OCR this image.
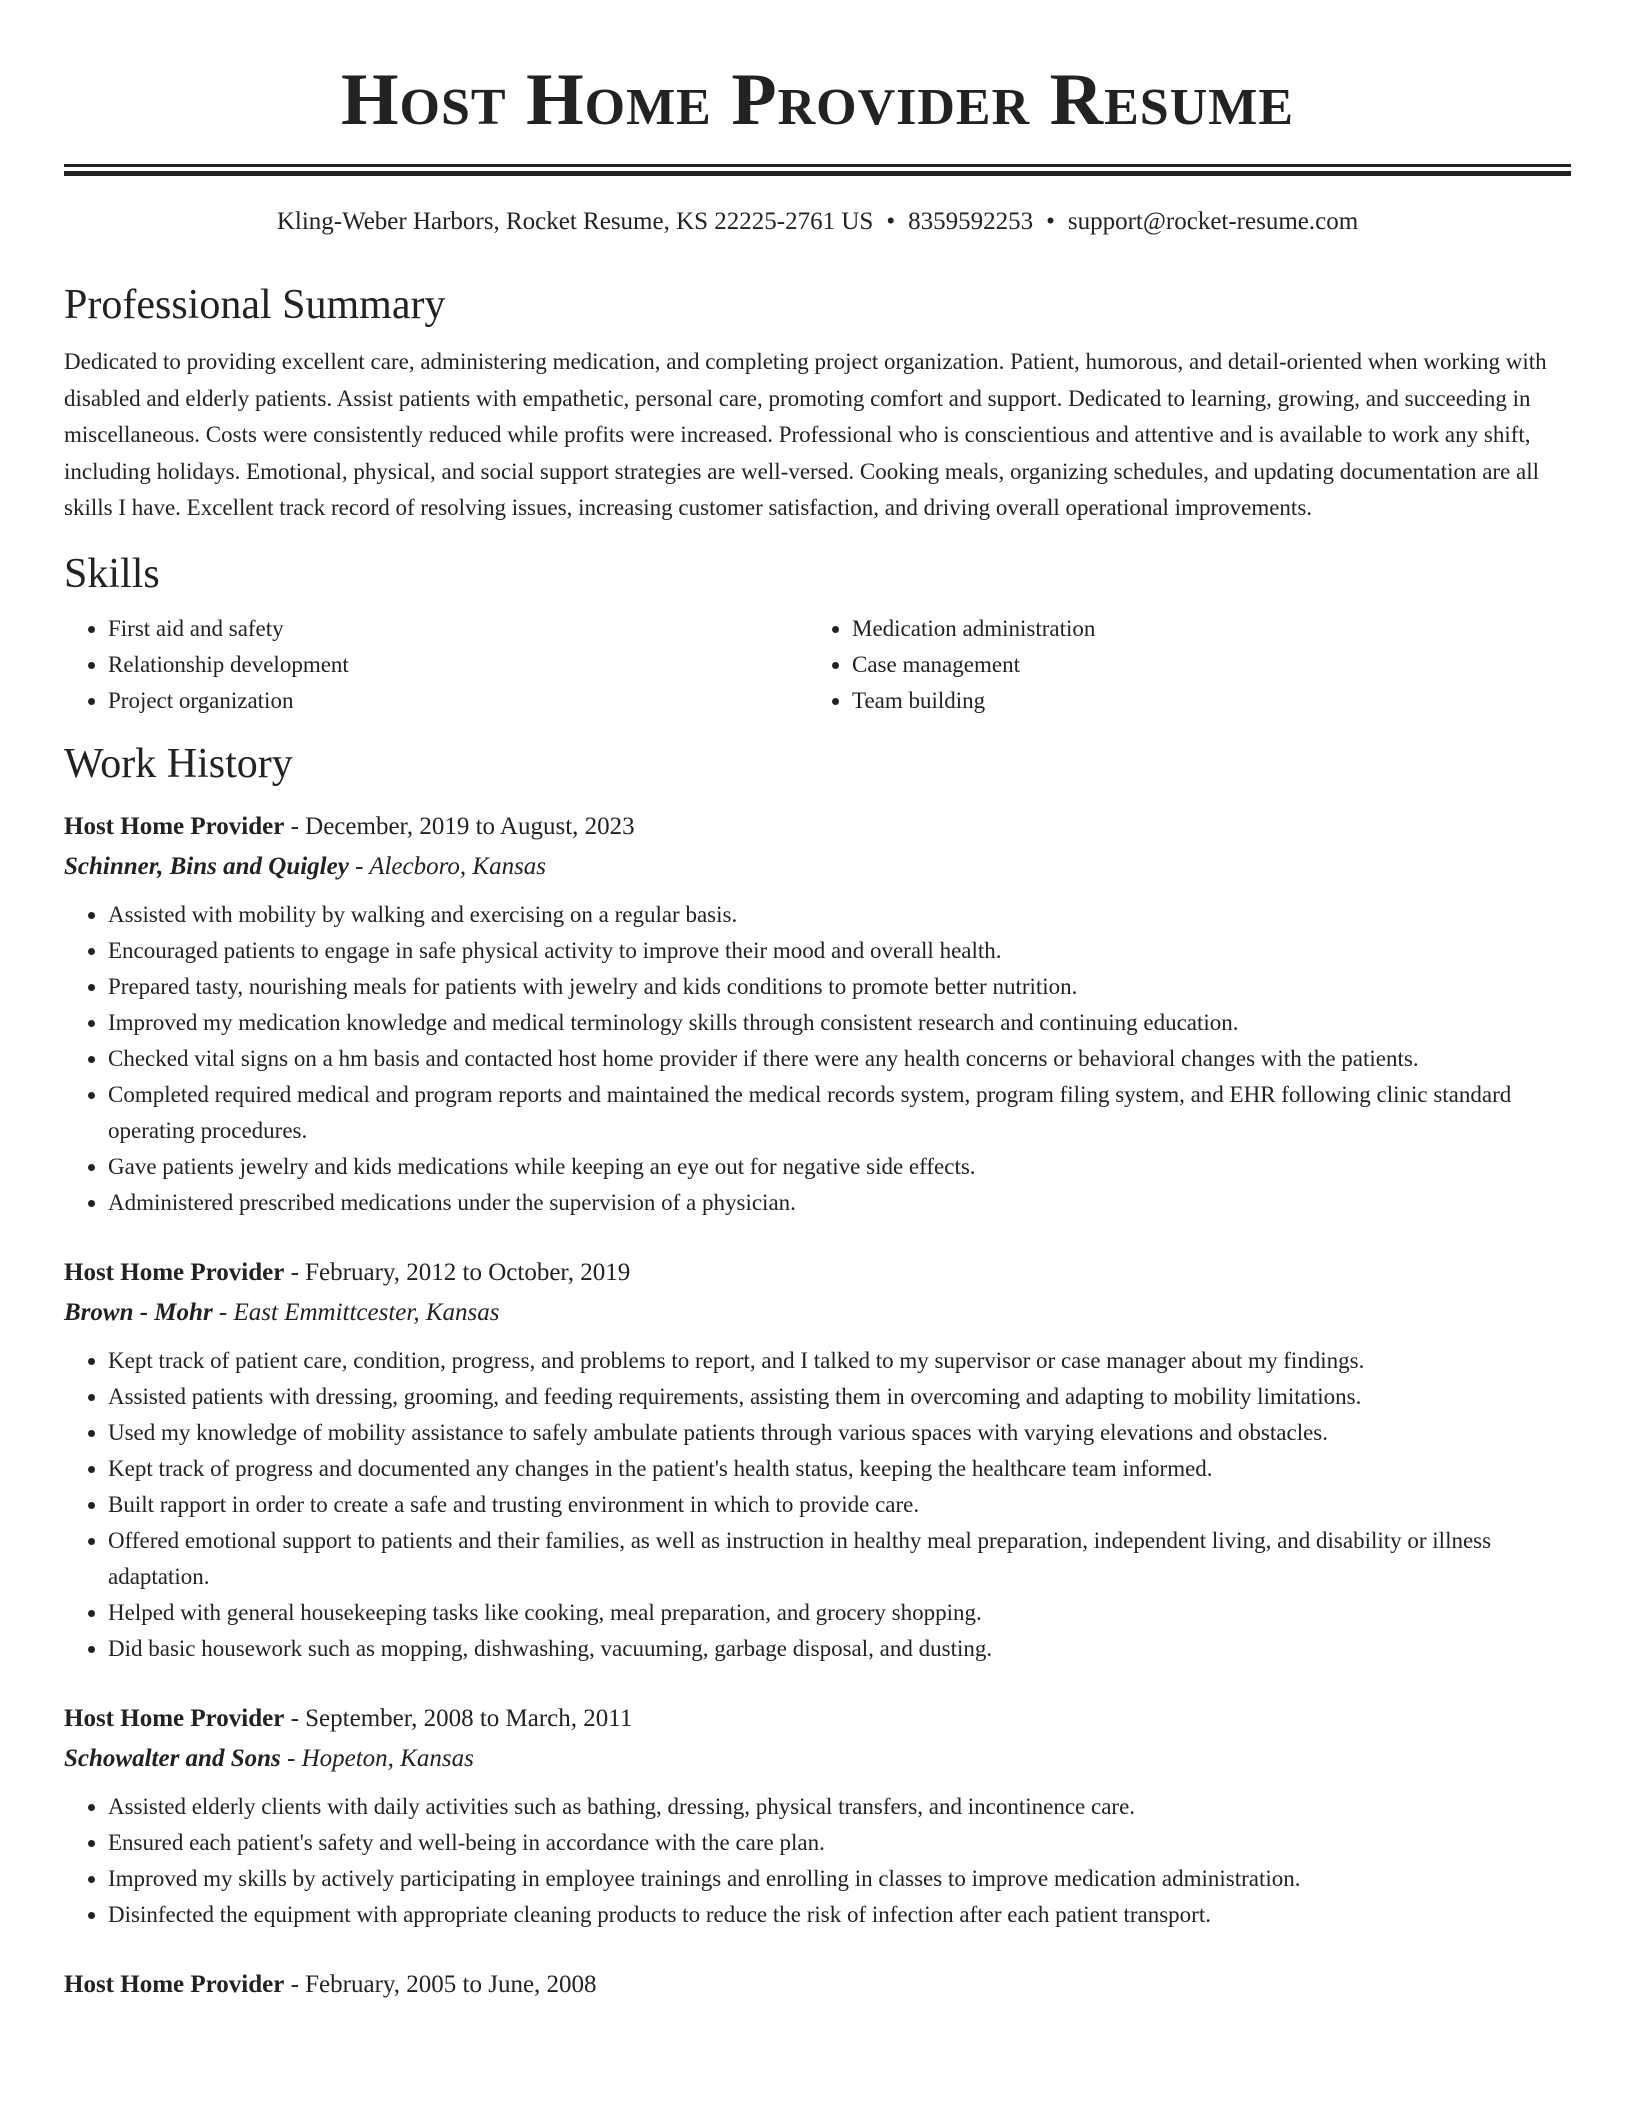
Host Home Provider Resume
Kling-Weber Harbors, Rocket Resume, KS 22225-2761 US • 8359592253 • support@rocket-resume.com
Professional Summary

Dedicated to providing excellent care, administering medication, and completing project organization. Patient, humorous, and detail-oriented when working with disabled and elderly patients. Assist patients with empathetic, personal care, promoting comfort and support. Dedicated to learning, growing, and succeeding in miscellaneous. Costs were consistently reduced while profits were increased. Professional who is conscientious and attentive and is available to work any shift, including holidays. Emotional, physical, and social support strategies are well-versed. Cooking meals, organizing schedules, and updating documentation are all skills I have. Excellent track record of resolving issues, increasing customer satisfaction, and driving overall operational improvements.

Skills
• First aid and safety
• Relationship development
• Project organization
• Medication administration
• Case management
• Team building
Work History
Host Home Provider - December, 2019 to August, 2023
Schinner, Bins and Quigley - Alecboro, Kansas
• Assisted with mobility by walking and exercising on a regular basis.
• Encouraged patients to engage in safe physical activity to improve their mood and overall health.
• Prepared tasty, nourishing meals for patients with jewelry and kids conditions to promote better nutrition.
• Improved my medication knowledge and medical terminology skills through consistent research and continuing education.
• Checked vital signs on a hm basis and contacted host home provider if there were any health concerns or behavioral changes with the patients.
• Completed required medical and program reports and maintained the medical records system, program filing system, and EHR following clinic standard operating procedures.
• Gave patients jewelry and kids medications while keeping an eye out for negative side effects.
• Administered prescribed medications under the supervision of a physician.
Host Home Provider - February, 2012 to October, 2019
Brown - Mohr - East Emmittcester, Kansas
• Kept track of patient care, condition, progress, and problems to report, and I talked to my supervisor or case manager about my findings.
• Assisted patients with dressing, grooming, and feeding requirements, assisting them in overcoming and adapting to mobility limitations.
• Used my knowledge of mobility assistance to safely ambulate patients through various spaces with varying elevations and obstacles.
• Kept track of progress and documented any changes in the patient's health status, keeping the healthcare team informed.
• Built rapport in order to create a safe and trusting environment in which to provide care.
• Offered emotional support to patients and their families, as well as instruction in healthy meal preparation, independent living, and disability or illness adaptation.
• Helped with general housekeeping tasks like cooking, meal preparation, and grocery shopping.
• Did basic housework such as mopping, dishwashing, vacuuming, garbage disposal, and dusting.
Host Home Provider - September, 2008 to March, 2011
Schowalter and Sons - Hopeton, Kansas
• Assisted elderly clients with daily activities such as bathing, dressing, physical transfers, and incontinence care.
• Ensured each patient's safety and well-being in accordance with the care plan.
• Improved my skills by actively participating in employee trainings and enrolling in classes to improve medication administration.
• Disinfected the equipment with appropriate cleaning products to reduce the risk of infection after each patient transport.
Host Home Provider - February, 2005 to June, 2008
